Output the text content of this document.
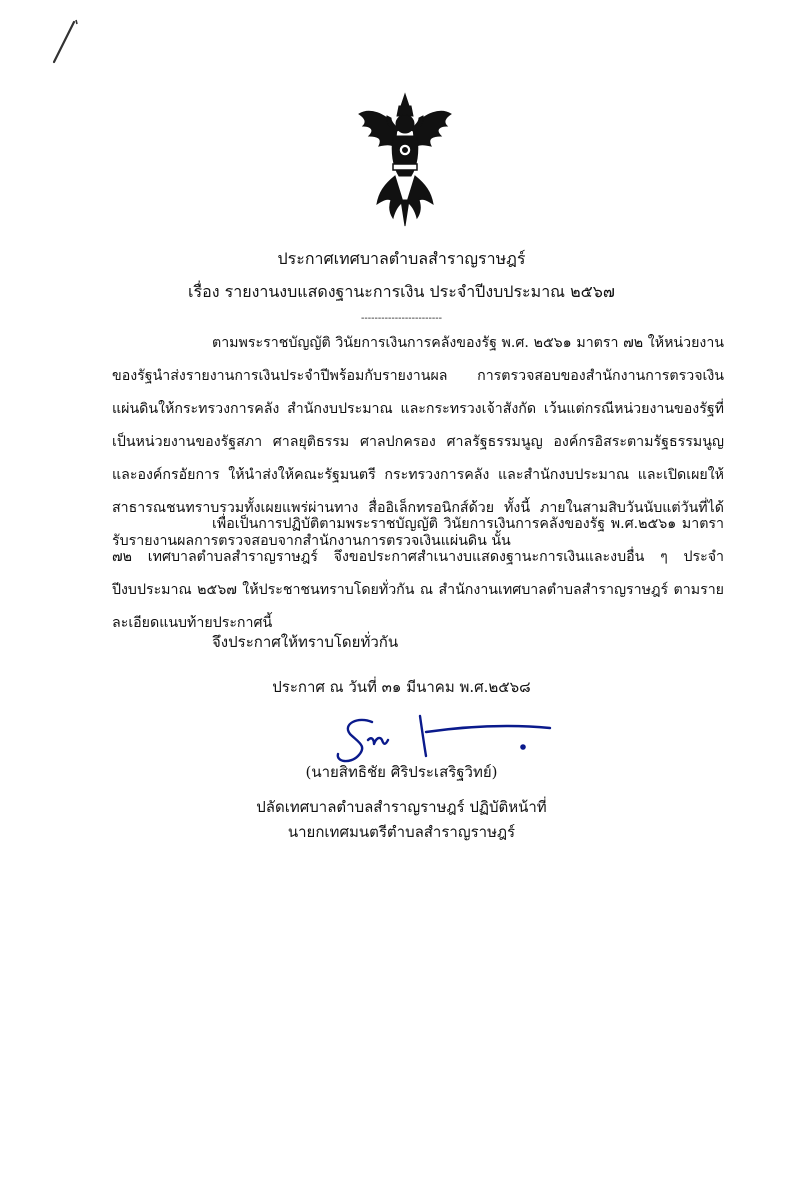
ประกาศเทศบาลตำบลสำราญราษฎร์
เรื่อง รายงานงบแสดงฐานะการเงิน ประจำปีงบประมาณ ๒๕๖๗
------------------------
ตามพระราชบัญญัติ วินัยการเงินการคลังของรัฐ พ.ศ. ๒๕๖๑ มาตรา ๗๒ ให้หน่วยงานของรัฐนำส่งรายงานการเงินประจำปีพร้อมกับรายงานผล การตรวจสอบของสำนักงานการตรวจเงินแผ่นดินให้กระทรวงการคลัง สำนักงบประมาณ และกระทรวงเจ้าสังกัด เว้นแต่กรณีหน่วยงานของรัฐที่เป็นหน่วยงานของรัฐสภา ศาลยุติธรรม ศาลปกครอง ศาลรัฐธรรมนูญ องค์กรอิสระตามรัฐธรรมนูญ และองค์กรอัยการ ให้นำส่งให้คณะรัฐมนตรี กระทรวงการคลัง และสำนักงบประมาณ และเปิดเผยให้สาธารณชนทราบรวมทั้งเผยแพร่ผ่านทาง สื่ออิเล็กทรอนิกส์ด้วย ทั้งนี้ ภายในสามสิบวันนับแต่วันที่ได้รับรายงานผลการตรวจสอบจากสำนักงานการตรวจเงินแผ่นดิน นั้น
เพื่อเป็นการปฏิบัติตามพระราชบัญญัติ วินัยการเงินการคลังของรัฐ พ.ศ.๒๕๖๑ มาตรา ๗๒ เทศบาลตำบลสำราญราษฎร์ จึงขอประกาศสำเนางบแสดงฐานะการเงินและงบอื่น ๆ ประจำปีงบประมาณ ๒๕๖๗ ให้ประชาชนทราบโดยทั่วกัน ณ สำนักงานเทศบาลตำบลสำราญราษฎร์ ตามรายละเอียดแนบท้ายประกาศนี้
จึงประกาศให้ทราบโดยทั่วกัน
ประกาศ ณ วันที่ ๓๑ มีนาคม พ.ศ.๒๕๖๘
(นายสิทธิชัย ศิริประเสริฐวิทย์)
ปลัดเทศบาลตำบลสำราญราษฎร์ ปฏิบัติหน้าที่
นายกเทศมนตรีตำบลสำราญราษฎร์
